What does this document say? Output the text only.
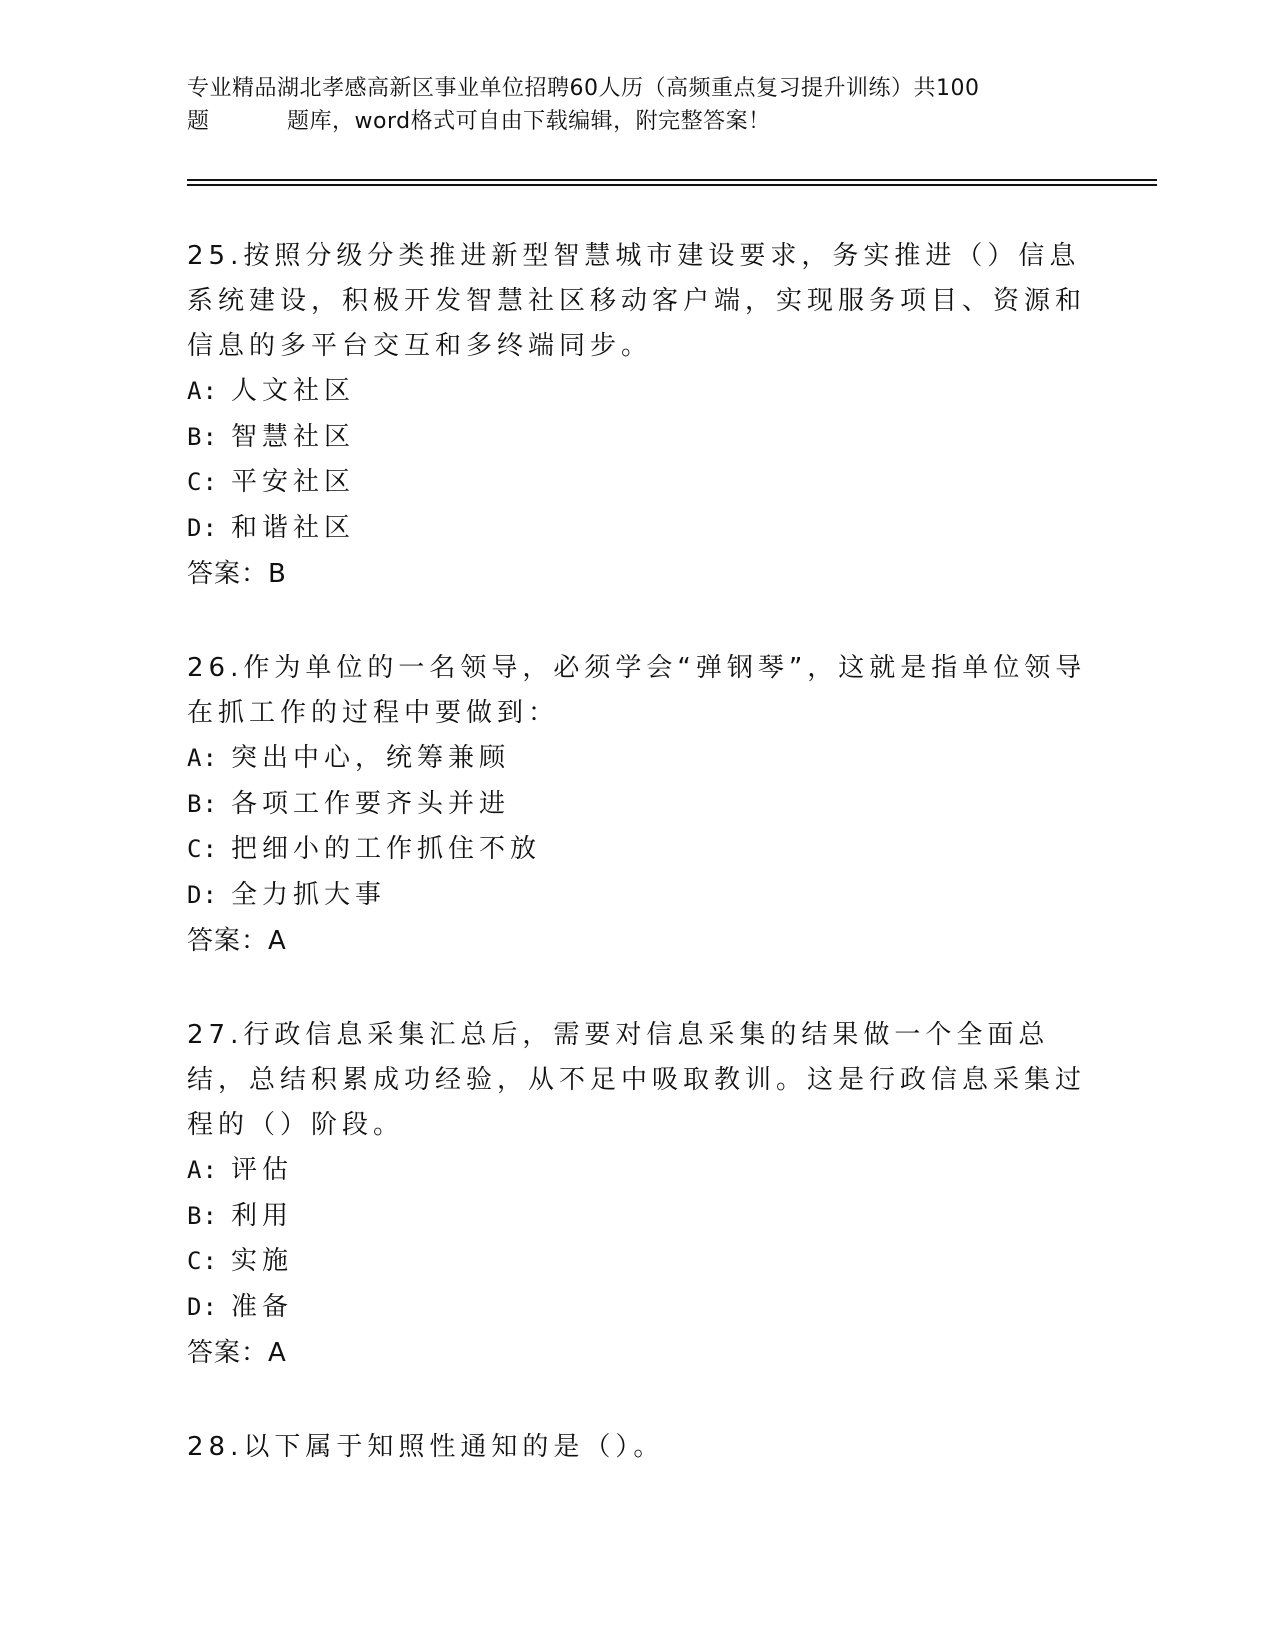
专业精品湖北孝感高新区事业单位招聘60人历（高频重点复习提升训练）共100
题	题库，word格式可自由下载编辑，附完整答案！

25.按照分级分类推进新型智慧城市建设要求，务实推进（）信息系统建设，积极开发智慧社区移动客户端，实现服务项目、资源和信息的多平台交互和多终端同步。

A: 人文社区
B: 智慧社区
C: 平安社区
D: 和谐社区

答案：B

26.作为单位的一名领导，必须学会“弹钢琴”，这就是指单位领导在抓工作的过程中要做到：

A: 突出中心，统筹兼顾
B: 各项工作要齐头并进
C: 把细小的工作抓住不放
D: 全力抓大事

答案：A

27.行政信息采集汇总后，需要对信息采集的结果做一个全面总结，总结积累成功经验，从不足中吸取教训。这是行政信息采集过程的（）阶段。

A: 评估
B: 利用
C: 实施
D: 准备

答案：A

28.以下属于知照性通知的是（）。
